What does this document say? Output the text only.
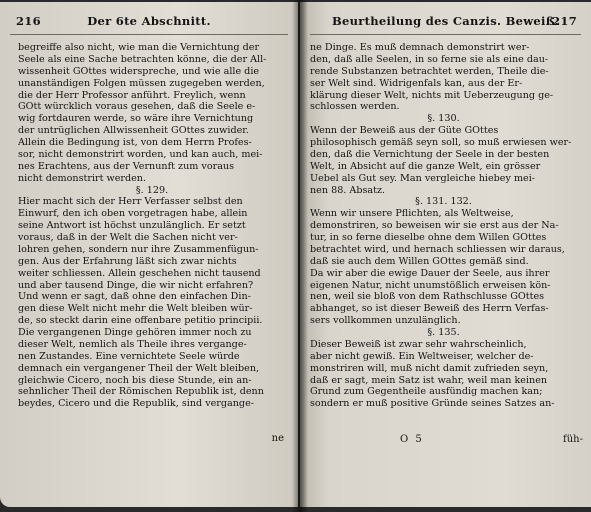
216	Der 6te Abschnitt.
begreiffe also nicht, wie man die Vernichtung der
Seele als eine Sache betrachten könne, die der All-
wissenheit GOttes widerspreche, und wie alle die
unanständigen Folgen müssen zugegeben werden,
die der Herr Professor anführt. Freylich, wenn
GOtt würcklich voraus gesehen, daß die Seele e-
wig fortdauren werde, so wäre ihre Vernichtung
der untrüglichen Allwissenheit GOttes zuwider.
Allein die Bedingung ist, von dem Herrn Profes-
sor, nicht demonstrirt worden, und kan auch, mei-
nes Erachtens, aus der Vernunft zum voraus
nicht demonstrirt werden.
§. 129.
Hier macht sich der Herr Verfasser selbst den
Einwurf, den ich oben vorgetragen habe, allein
seine Antwort ist höchst unzulänglich. Er setzt
voraus, daß in der Welt die Sachen nicht ver-
lohren gehen, sondern nur ihre Zusammenfügun-
gen. Aus der Erfahrung läßt sich zwar nichts
weiter schliessen. Allein geschehen nicht tausend
und aber tausend Dinge, die wir nicht erfahren?
Und wenn er sagt, daß ohne den einfachen Din-
gen diese Welt nicht mehr die Welt bleiben wür-
de, so steckt darin eine offenbare petitio principii.
Die vergangenen Dinge gehören immer noch zu
dieser Welt, nemlich als Theile ihres vergange-
nen Zustandes. Eine vernichtete Seele würde
demnach ein vergangener Theil der Welt bleiben,
gleichwie Cicero, noch bis diese Stunde, ein an-
sehnlicher Theil der Römischen Republik ist, denn
beydes, Cicero und die Republik, sind vergange-
ne
Beurtheilung des Canzis. Beweiß.
217
ne Dinge. Es muß demnach demonstrirt wer-
den, daß alle Seelen, in so ferne sie als eine dau-
rende Substanzen betrachtet werden, Theile die-
ser Welt sind. Widrigenfals kan, aus der Er-
klärung dieser Welt, nichts mit Ueberzeugung ge-
schlossen werden.
§. 130.
Wenn der Beweiß aus der Güte GOttes
philosophisch gemäß seyn soll, so muß erwiesen wer-
den, daß die Vernichtung der Seele in der besten
Welt, in Absicht auf die ganze Welt, ein grösser
Uebel als Gut sey. Man vergleiche hiebey mei-
nen 88. Absatz.
§. 131. 132.
Wenn wir unsere Pflichten, als Weltweise,
demonstriren, so beweisen wir sie erst aus der Na-
tur, in so ferne dieselbe ohne dem Willen GOttes
betrachtet wird, und hernach schliessen wir daraus,
daß sie auch dem Willen GOttes gemäß sind.
Da wir aber die ewige Dauer der Seele, aus ihrer
eigenen Natur, nicht unumstößlich erweisen kön-
nen, weil sie bloß von dem Rathschlusse GOttes
abhanget, so ist dieser Beweiß des Herrn Verfas-
sers vollkommen unzulänglich.
§. 135.
Dieser Beweiß ist zwar sehr wahrscheinlich,
aber nicht gewiß. Ein Weltweiser, welcher de-
monstriren will, muß nicht damit zufrieden seyn,
daß er sagt, mein Satz ist wahr, weil man keinen
Grund zum Gegentheile ausfündig machen kan;
sondern er muß positive Gründe seines Satzes an-
O 5	füh-
